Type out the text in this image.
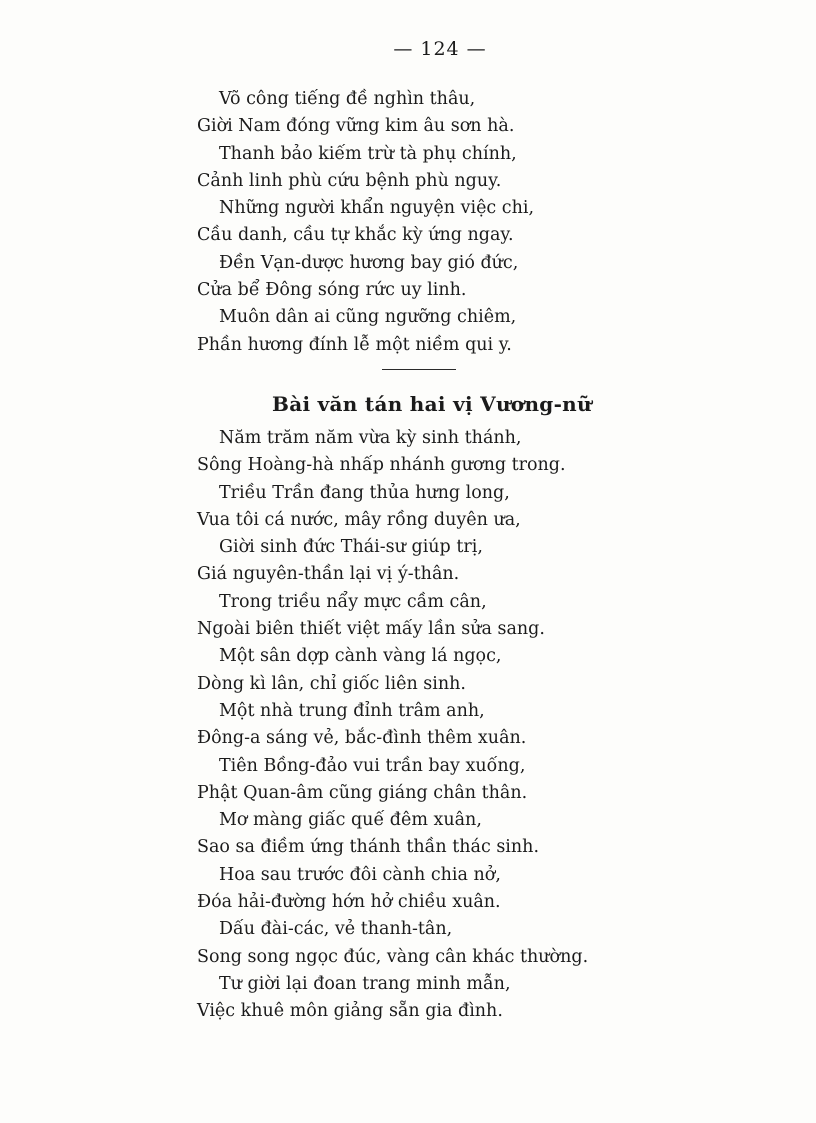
— 124 —
Võ công tiếng đề nghìn thâu,
Giời Nam đóng vững kim âu sơn hà.
Thanh bảo kiếm trừ tà phụ chính,
Cảnh linh phù cứu bệnh phù nguy.
Những người khẩn nguyện việc chi,
Cầu danh, cầu tự khắc kỳ ứng ngay.
Đền Vạn-dược hương bay gió đức,
Cửa bể Đông sóng rức uy linh.
Muôn dân ai cũng ngưỡng chiêm,
Phần hương đính lễ một niềm qui y.
Bài văn tán hai vị Vương-nữ
Năm trăm năm vừa kỳ sinh thánh,
Sông Hoàng-hà nhấp nhánh gương trong.
Triều Trần đang thủa hưng long,
Vua tôi cá nước, mây rồng duyên ưa,
Giời sinh đức Thái-sư giúp trị,
Giá nguyên-thần lại vị ý-thân.
Trong triều nẩy mực cầm cân,
Ngoài biên thiết việt mấy lần sửa sang.
Một sân dợp cành vàng lá ngọc,
Dòng kì lân, chỉ giốc liên sinh.
Một nhà trung đỉnh trâm anh,
Đông-a sáng vẻ, bắc-đình thêm xuân.
Tiên Bồng-đảo vui trần bay xuống,
Phật Quan-âm cũng giáng chân thân.
Mơ màng giấc quế đêm xuân,
Sao sa điềm ứng thánh thần thác sinh.
Hoa sau trước đôi cành chia nở,
Đóa hải-đường hớn hở chiều xuân.
Dấu đài-các, vẻ thanh-tân,
Song song ngọc đúc, vàng cân khác thường.
Tư giời lại đoan trang minh mẫn,
Việc khuê môn giảng sẵn gia đình.
